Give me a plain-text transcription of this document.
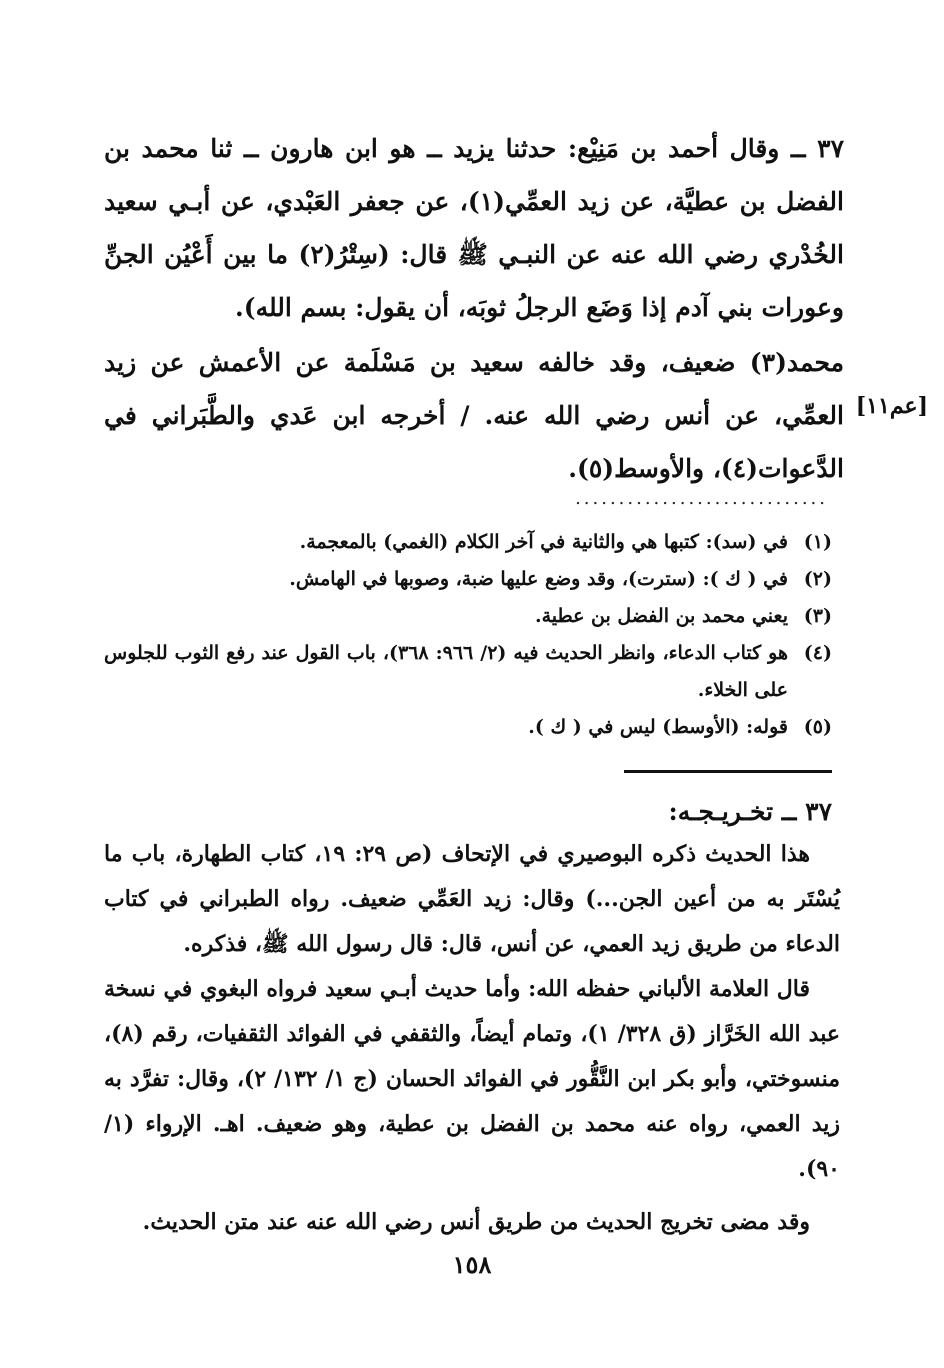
٣٧ ــ وقال أحمد بن مَنِيْع: حدثنا يزيد ــ هو ابن هارون ــ ثنا محمد بن الفضل بن عطيَّة، عن زيد العمِّي(١)، عن جعفر العَبْدي، عن أبـي سعيد الخُدْري رضي الله عنه عن النبـي ﷺ قال: (سِتْرُ(٢) ما بين أَعْيُن الجنِّ وعورات بني آدم إذا وَضَع الرجلُ ثوبَه، أن يقول: بسم الله).

محمد(٣) ضعيف، وقد خالفه سعيد بن مَسْلَمة عن الأعمش عن زيد العمِّي، عن أنس رضي الله عنه. / أخرجه ابن عَدي والطَّبَراني في الدَّعوات(٤)، والأوسط(٥).

[عم١١]
.............................
(١)
في (سد): كتبها هي والثانية في آخر الكلام (الغمي) بالمعجمة.
(٢)
في ( ك ): (سترت)، وقد وضع عليها ضبة، وصوبها في الهامش.
(٣)
يعني محمد بن الفضل بن عطية.
(٤)
هو كتاب الدعاء، وانظر الحديث فيه (٢/ ٩٦٦: ٣٦٨)، باب القول عند رفع الثوب للجلوس على الخلاء.
(٥)
قوله: (الأوسط) ليس في ( ك ).
٣٧ ــ تخـريـجـه:

هذا الحديث ذكره البوصيري في الإتحاف (ص ٢٩: ١٩، كتاب الطهارة، باب ما يُسْتَر به من أعين الجن...) وقال: زيد العَمِّي ضعيف. رواه الطبراني في كتاب الدعاء من طريق زيد العمي، عن أنس، قال: قال رسول الله ﷺ، فذكره.

قال العلامة الألباني حفظه الله: وأما حديث أبـي سعيد فرواه البغوي في نسخة عبد الله الخَرَّاز (ق ٣٢٨/ ١)، وتمام أيضاً، والثقفي في الفوائد الثقفيات، رقم (٨)، منسوختي، وأبو بكر ابن النَّقُّور في الفوائد الحسان (ج ١/ ١٣٢/ ٢)، وقال: تفرَّد به زيد العمي، رواه عنه محمد بن الفضل بن عطية، وهو ضعيف. اهـ. الإرواء (١/ ٩٠).

وقد مضى تخريج الحديث من طريق أنس رضي الله عنه عند متن الحديث.

١٥٨
